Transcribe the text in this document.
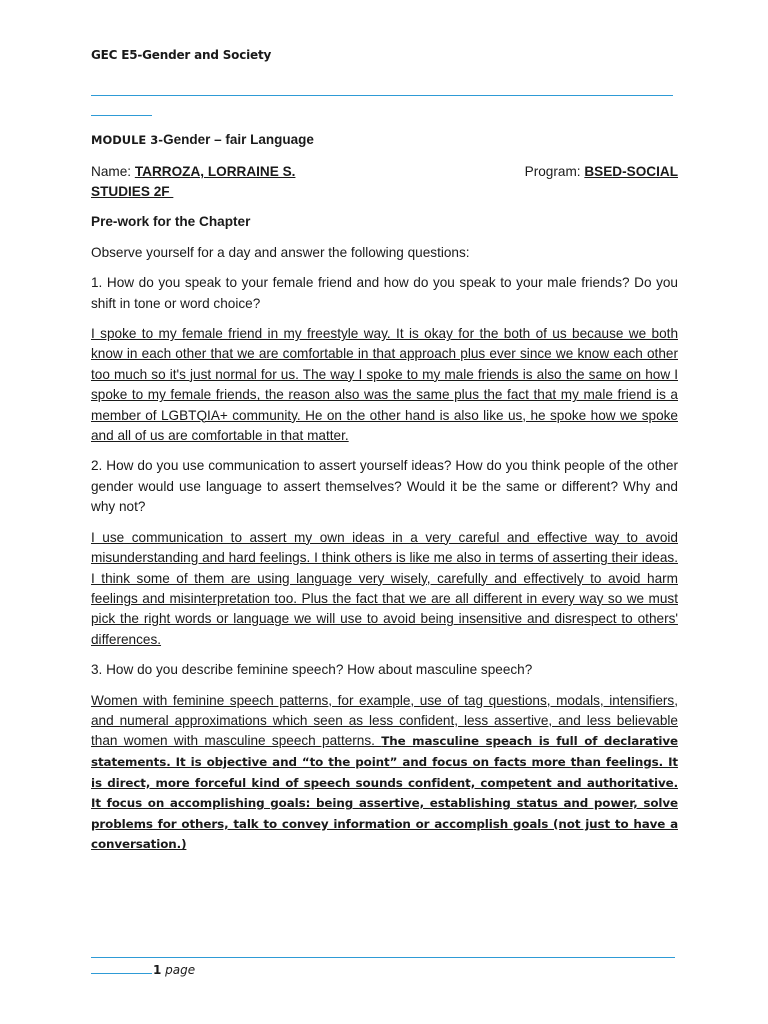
GEC E5-Gender and Society
MODULE 3-Gender – fair Language
Name: TARROZA, LORRAINE S.	Program: BSED-SOCIAL
STUDIES 2F
Pre-work for the Chapter

Observe yourself for a day and answer the following questions:

1. How do you speak to your female friend and how do you speak to your male friends? Do you shift in tone or word choice?

I spoke to my female friend in my freestyle way. It is okay for the both of us because we both know in each other that we are comfortable in that approach plus ever since we know each other too much so it's just normal for us. The way I spoke to my male friends is also the same on how I spoke to my female friends, the reason also was the same plus the fact that my male friend is a member of LGBTQIA+ community. He on the other hand is also like us, he spoke how we spoke and all of us are comfortable in that matter.

2. How do you use communication to assert yourself ideas? How do you think people of the other gender would use language to assert themselves? Would it be the same or different? Why and why not?

I use communication to assert my own ideas in a very careful and effective way to avoid misunderstanding and hard feelings. I think others is like me also in terms of asserting their ideas. I think some of them are using language very wisely, carefully and effectively to avoid harm feelings and misinterpretation too. Plus the fact that we are all different in every way so we must pick the right words or language we will use to avoid being insensitive and disrespect to others' differences.

3. How do you describe feminine speech? How about masculine speech?

Women with feminine speech patterns, for example, use of tag questions, modals, intensifiers, and numeral approximations which seen as less confident, less assertive, and less believable than women with masculine speech patterns. The masculine speach is full of declarative statements. It is objective and “to the point” and focus on facts more than feelings. It is direct, more forceful kind of speech sounds confident, competent and authoritative. It focus on accomplishing goals: being assertive, establishing status and power, solve problems for others, talk to convey information or accomplish goals (not just to have a conversation.)
1 page
